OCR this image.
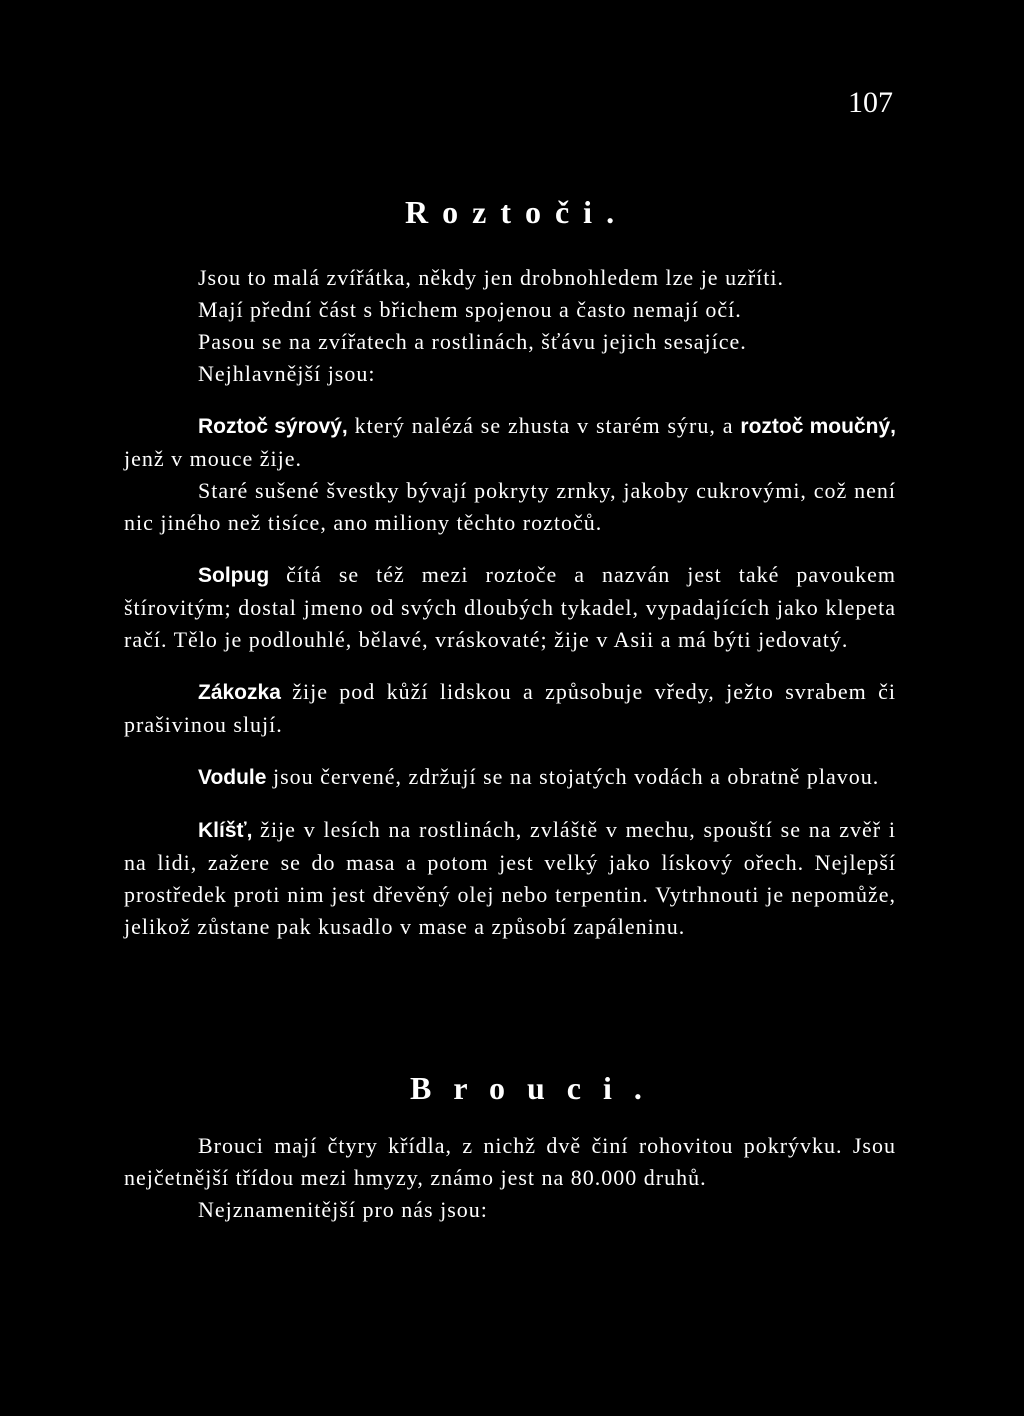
107
Roztoči.

Jsou to malá zvířátka, někdy jen drobnohledem lze je uzříti.

Mají přední část s břichem spojenou a často nemají očí.

Pasou se na zvířatech a rostlinách, šťávu jejich sesajíce.

Nejhlavnější jsou:

Roztoč sýrový, který nalézá se zhusta v starém sýru, a roztoč moučný, jenž v mouce žije.

Staré sušené švestky bývají pokryty zrnky, jakoby cukrovými, což není nic jiného než tisíce, ano miliony těchto roztočů.

Solpug čítá se též mezi roztoče a nazván jest také pavoukem štírovitým; dostal jmeno od svých dloubých tykadel, vypadajících jako klepeta račí. Tělo je podlouhlé, bělavé, vráskovaté; žije v Asii a má býti jedovatý.

Zákozka žije pod kůží lidskou a způsobuje vředy, ježto svrabem či prašivinou slují.

Vodule jsou červené, zdržují se na stojatých vodách a obratně plavou.

Klíšť, žije v lesích na rostlinách, zvláště v mechu, spouští se na zvěř i na lidi, zažere se do masa a potom jest velký jako lískový ořech. Nejlepší prostředek proti nim jest dřevěný olej nebo terpentin. Vytrhnouti je nepomůže, jelikož zůstane pak kusadlo v mase a způsobí zapáleninu.

Brouci.

Brouci mají čtyry křídla, z nichž dvě činí rohovitou pokrývku. Jsou nejčetnější třídou mezi hmyzy, známo jest na 80.000 druhů.

Nejznamenitější pro nás jsou:
